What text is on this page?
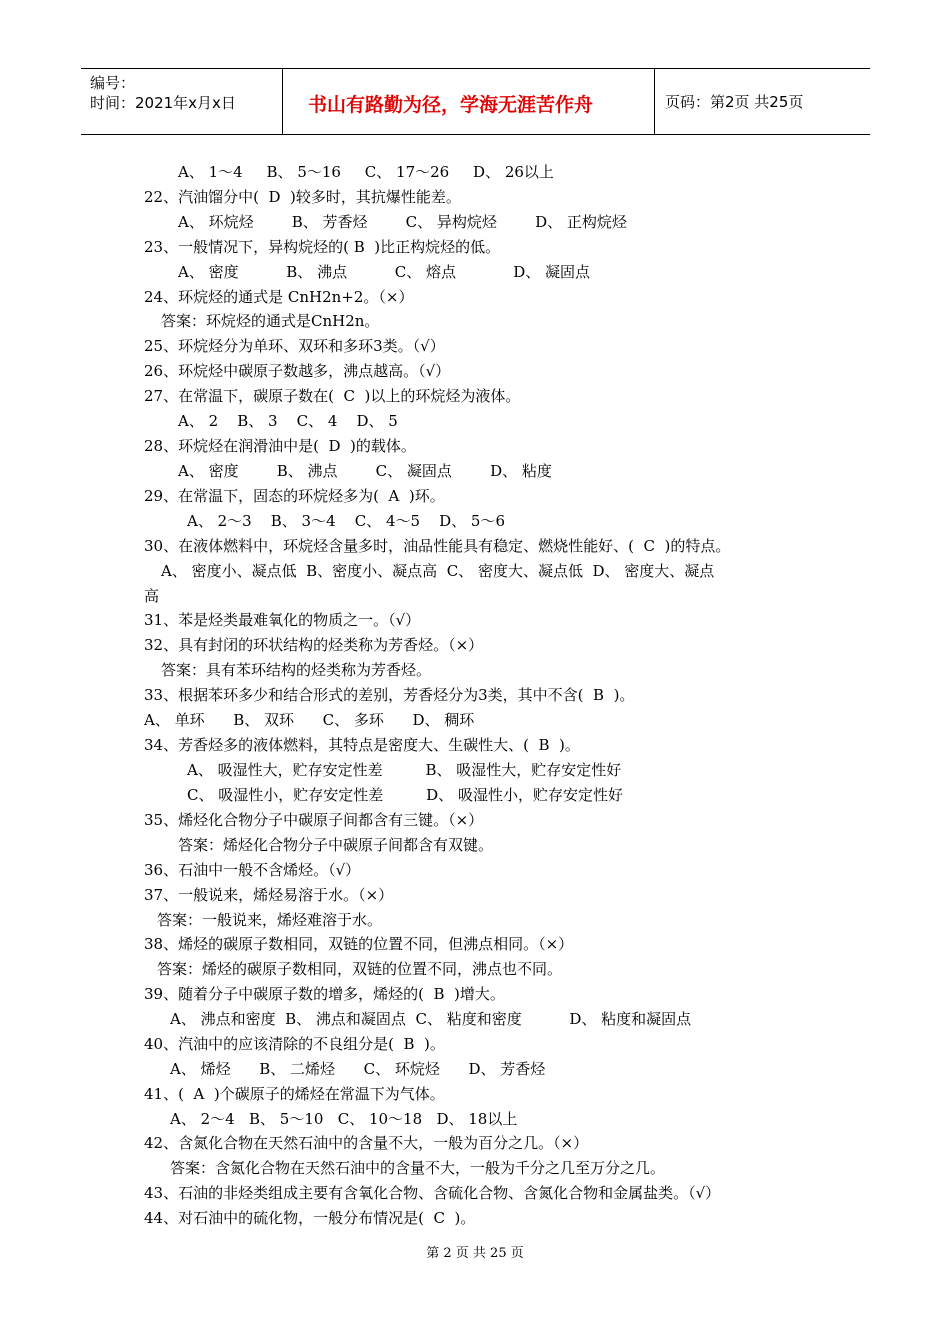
编号：
时间：2021年x月x日	书山有路勤为径，学海无涯苦作舟	页码：第2页 共25页
A、 1～4     B、 5～16     C、 17～26     D、 26以上
22、汽油馏分中(  D  )较多时，其抗爆性能差。
A、 环烷烃        B、 芳香烃        C、 异构烷烃        D、 正构烷烃
23、一般情况下，异构烷烃的( B  )比正构烷烃的低。
A、 密度          B、 沸点          C、 熔点            D、 凝固点
24、环烷烃的通式是 CnH2n+2。（×）
答案：环烷烃的通式是CnH2n。
25、环烷烃分为单环、双环和多环3类。（√）
26、环烷烃中碳原子数越多，沸点越高。（√）
27、在常温下，碳原子数在(  C  )以上的环烷烃为液体。
A、 2    B、 3    C、 4    D、 5
28、环烷烃在润滑油中是(  D  )的载体。
A、 密度        B、 沸点        C、 凝固点        D、 粘度
29、在常温下，固态的环烷烃多为(  A  )环。
A、 2～3    B、 3～4    C、 4～5    D、 5～6
30、在液体燃料中，环烷烃含量多时，油品性能具有稳定、燃烧性能好、(  C  )的特点。
A、 密度小、凝点低  B、密度小、凝点高  C、 密度大、凝点低  D、 密度大、凝点
高
31、苯是烃类最难氧化的物质之一。（√）
32、具有封闭的环状结构的烃类称为芳香烃。（×）
答案：具有苯环结构的烃类称为芳香烃。
33、根据苯环多少和结合形式的差别，芳香烃分为3类，其中不含(  B  )。
A、 单环      B、 双环      C、 多环      D、 稠环
34、芳香烃多的液体燃料，其特点是密度大、生碳性大、(  B  )。
A、 吸湿性大，贮存安定性差         B、 吸湿性大，贮存安定性好
C、 吸湿性小，贮存安定性差         D、 吸湿性小，贮存安定性好
35、烯烃化合物分子中碳原子间都含有三键。（×）
答案：烯烃化合物分子中碳原子间都含有双键。
36、石油中一般不含烯烃。（√）
37、一般说来，烯烃易溶于水。（×）
答案：一般说来，烯烃难溶于水。
38、烯烃的碳原子数相同，双链的位置不同，但沸点相同。（×）
答案：烯烃的碳原子数相同，双链的位置不同，沸点也不同。
39、随着分子中碳原子数的增多，烯烃的(  B  )增大。
A、 沸点和密度  B、 沸点和凝固点  C、 粘度和密度          D、 粘度和凝固点
40、汽油中的应该清除的不良组分是(  B  )。
A、 烯烃      B、 二烯烃      C、 环烷烃      D、 芳香烃
41、(  A  )个碳原子的烯烃在常温下为气体。
A、 2～4   B、 5～10   C、 10～18   D、 18以上
42、含氮化合物在天然石油中的含量不大，一般为百分之几。（×）
答案：含氮化合物在天然石油中的含量不大，一般为千分之几至万分之几。
43、石油的非烃类组成主要有含氧化合物、含硫化合物、含氮化合物和金属盐类。（√）
44、对石油中的硫化物，一般分布情况是(  C  )。
第 2 页 共 25 页
